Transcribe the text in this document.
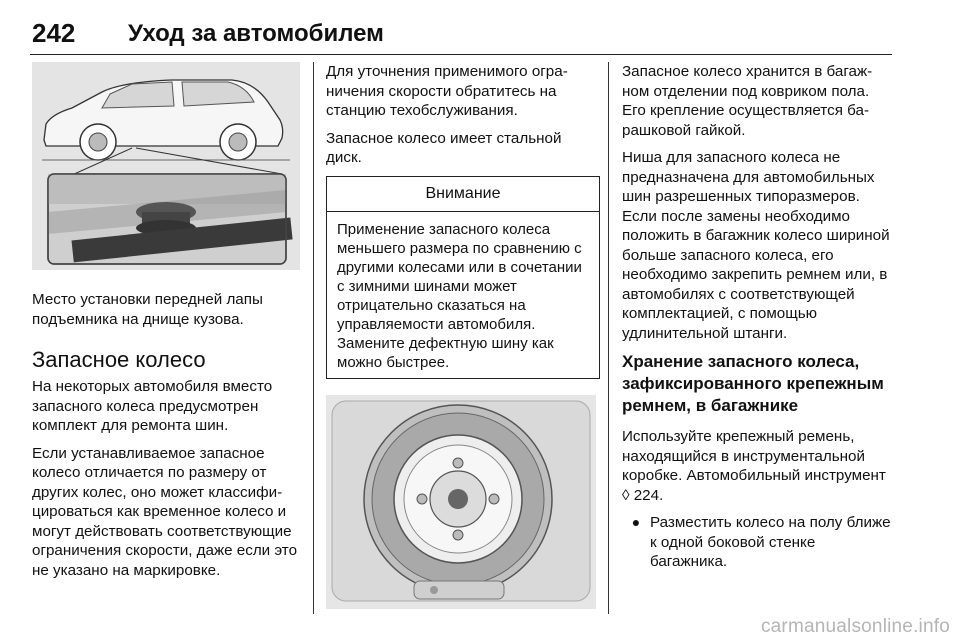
242 Уход за автомобилем

Место установки передней лапы подъемника на днище кузова.

Запасное колесо

На некоторых автомобиля вместо запасного колеса предусмотрен комплект для ремонта шин.

Если устанавливаемое запасное колесо отличается по размеру от других колес, оно может классифицироваться как временное колесо и могут действовать соответствующие ограничения скорости, даже если это не указано на маркировке.

Для уточнения применимого ограничения скорости обратитесь на станцию техобслуживания.

Запасное колесо имеет стальной диск.

Внимание
Применение запасного колеса меньшего размера по сравнению с другими колесами или в сочетании с зимними шинами может отрицательно сказаться на управляемости автомобиля. Замените дефектную шину как можно быстрее.

Запасное колесо хранится в багажном отделении под ковриком пола. Его крепление осуществляется барашковой гайкой.

Ниша для запасного колеса не предназначена для автомобильных шин разрешенных типоразмеров. Если после замены необходимо положить в багажник колесо шириной больше запасного колеса, его необходимо закрепить ремнем или, в автомобилях с соответствующей комплектацией, с помощью удлинительной штанги.

Хранение запасного колеса, зафиксированного крепежным ремнем, в багажнике

Используйте крепежный ремень, находящийся в инструментальной коробке. Автомобильный инструмент ◊ 224.

● Разместить колесо на полу ближе к одной боковой стенке багажника.
carmanualsonline.info
